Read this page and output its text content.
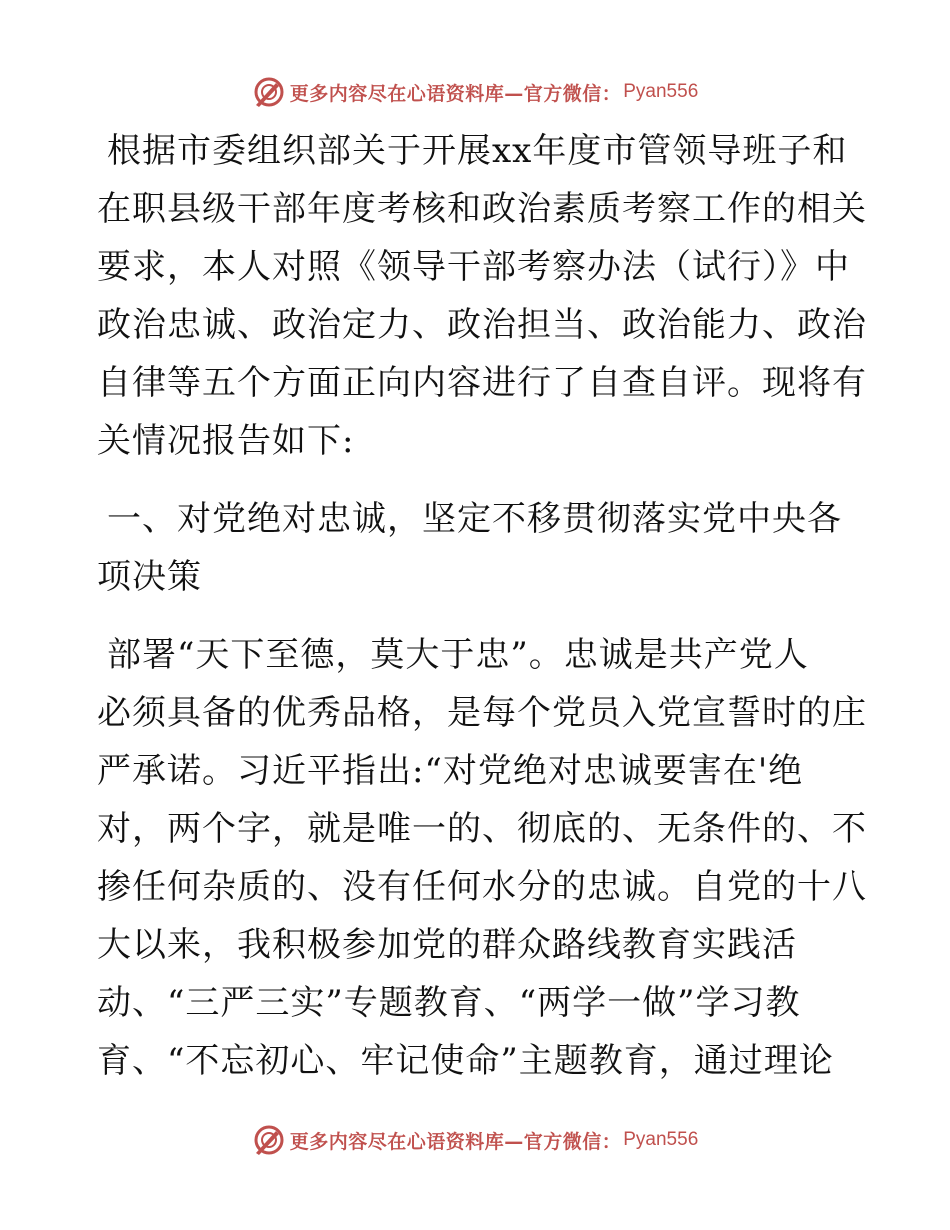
更多内容尽在心语资料库—官方微信： Pyan556
根据市委组织部关于开展xx年度市管领导班子和
在职县级干部年度考核和政治素质考察工作的相关
要求，本人对照《领导干部考察办法（试行）》中
政治忠诚、政治定力、政治担当、政治能力、政治
自律等五个方面正向内容进行了自查自评。现将有
关情况报告如下:
一、对党绝对忠诚，坚定不移贯彻落实党中央各
项决策
部署“天下至德，莫大于忠”。忠诚是共产党人
必须具备的优秀品格，是每个党员入党宣誓时的庄
严承诺。习近平指出:“对党绝对忠诚要害在'绝
对，两个字，就是唯一的、彻底的、无条件的、不
掺任何杂质的、没有任何水分的忠诚。自党的十八
大以来，我积极参加党的群众路线教育实践活
动、“三严三实”专题教育、“两学一做”学习教
育、“不忘初心、牢记使命”主题教育，通过理论
更多内容尽在心语资料库—官方微信： Pyan556
